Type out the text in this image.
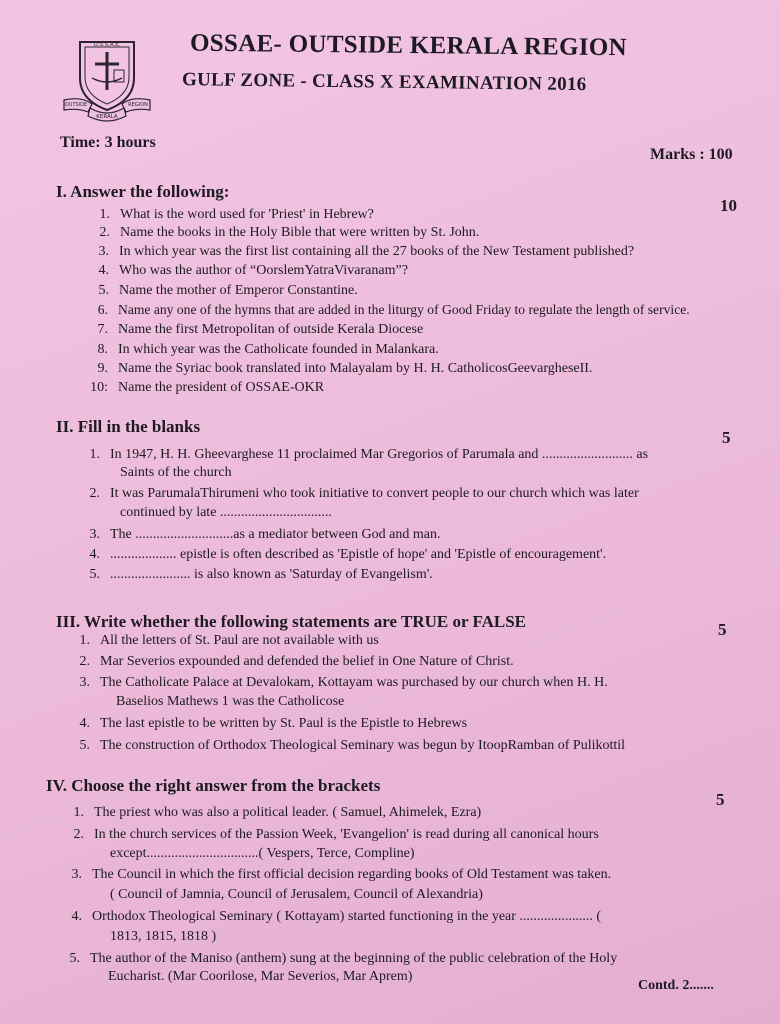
O.S.S.A.E.
OUTSIDE	REGION
KERALA
OSSAE- OUTSIDE KERALA REGION
GULF ZONE - CLASS X EXAMINATION 2016
Time: 3 hours
Marks : 100
I. Answer the following:
10
1. What is the word used for 'Priest' in Hebrew?
2. Name the books in the Holy Bible that were written by St. John.
3. In which year was the first list containing all the 27 books of the New Testament published?
4. Who was the author of “OorslemYatraVivaranam”?
5. Name the mother of Emperor Constantine.
6. Name any one of the hymns that are added in the liturgy of Good Friday to regulate the length of service.
7. Name the first Metropolitan of outside Kerala Diocese
8. In which year was the Catholicate founded in Malankara.
9. Name the Syriac book translated into Malayalam by H. H. CatholicosGeevargheseII.
10: Name the president of OSSAE-OKR
II. Fill in the blanks
5
1. In 1947, H. H. Gheevarghese 11 proclaimed Mar Gregorios of Parumala and .......................... as
Saints of the church
2. It was ParumalaThirumeni who took initiative to convert people to our church which was later
continued by late ................................
3. The ............................as a mediator between God and man.
4. ................... epistle is often described as 'Epistle of hope' and 'Epistle of encouragement'.
5. ....................... is also known as 'Saturday of Evangelism'.
III. Write whether the following statements are TRUE or FALSE	5
1. All the letters of St. Paul are not available with us
2. Mar Severios expounded and defended the belief in One Nature of Christ.
3. The Catholicate Palace at Devalokam, Kottayam was purchased by our church when H. H.
Baselios Mathews 1 was the Catholicose
4. The last epistle to be written by St. Paul is the Epistle to Hebrews
5. The construction of Orthodox Theological Seminary was begun by ItoopRamban of Pulikottil
IV. Choose the right answer from the brackets
5
1. The priest who was also a political leader. ( Samuel, Ahimelek, Ezra)
2. In the church services of the Passion Week, 'Evangelion' is read during all canonical hours
except................................( Vespers, Terce, Compline)
3. The Council in which the first official decision regarding books of Old Testament was taken.
( Council of Jamnia, Council of Jerusalem, Council of Alexandria)
4. Orthodox Theological Seminary ( Kottayam) started functioning in the year ..................... (
1813, 1815, 1818 )
5. The author of the Maniso (anthem) sung at the beginning of the public celebration of the Holy
Eucharist. (Mar Coorilose, Mar Severios, Mar Aprem)
Contd. 2.......
